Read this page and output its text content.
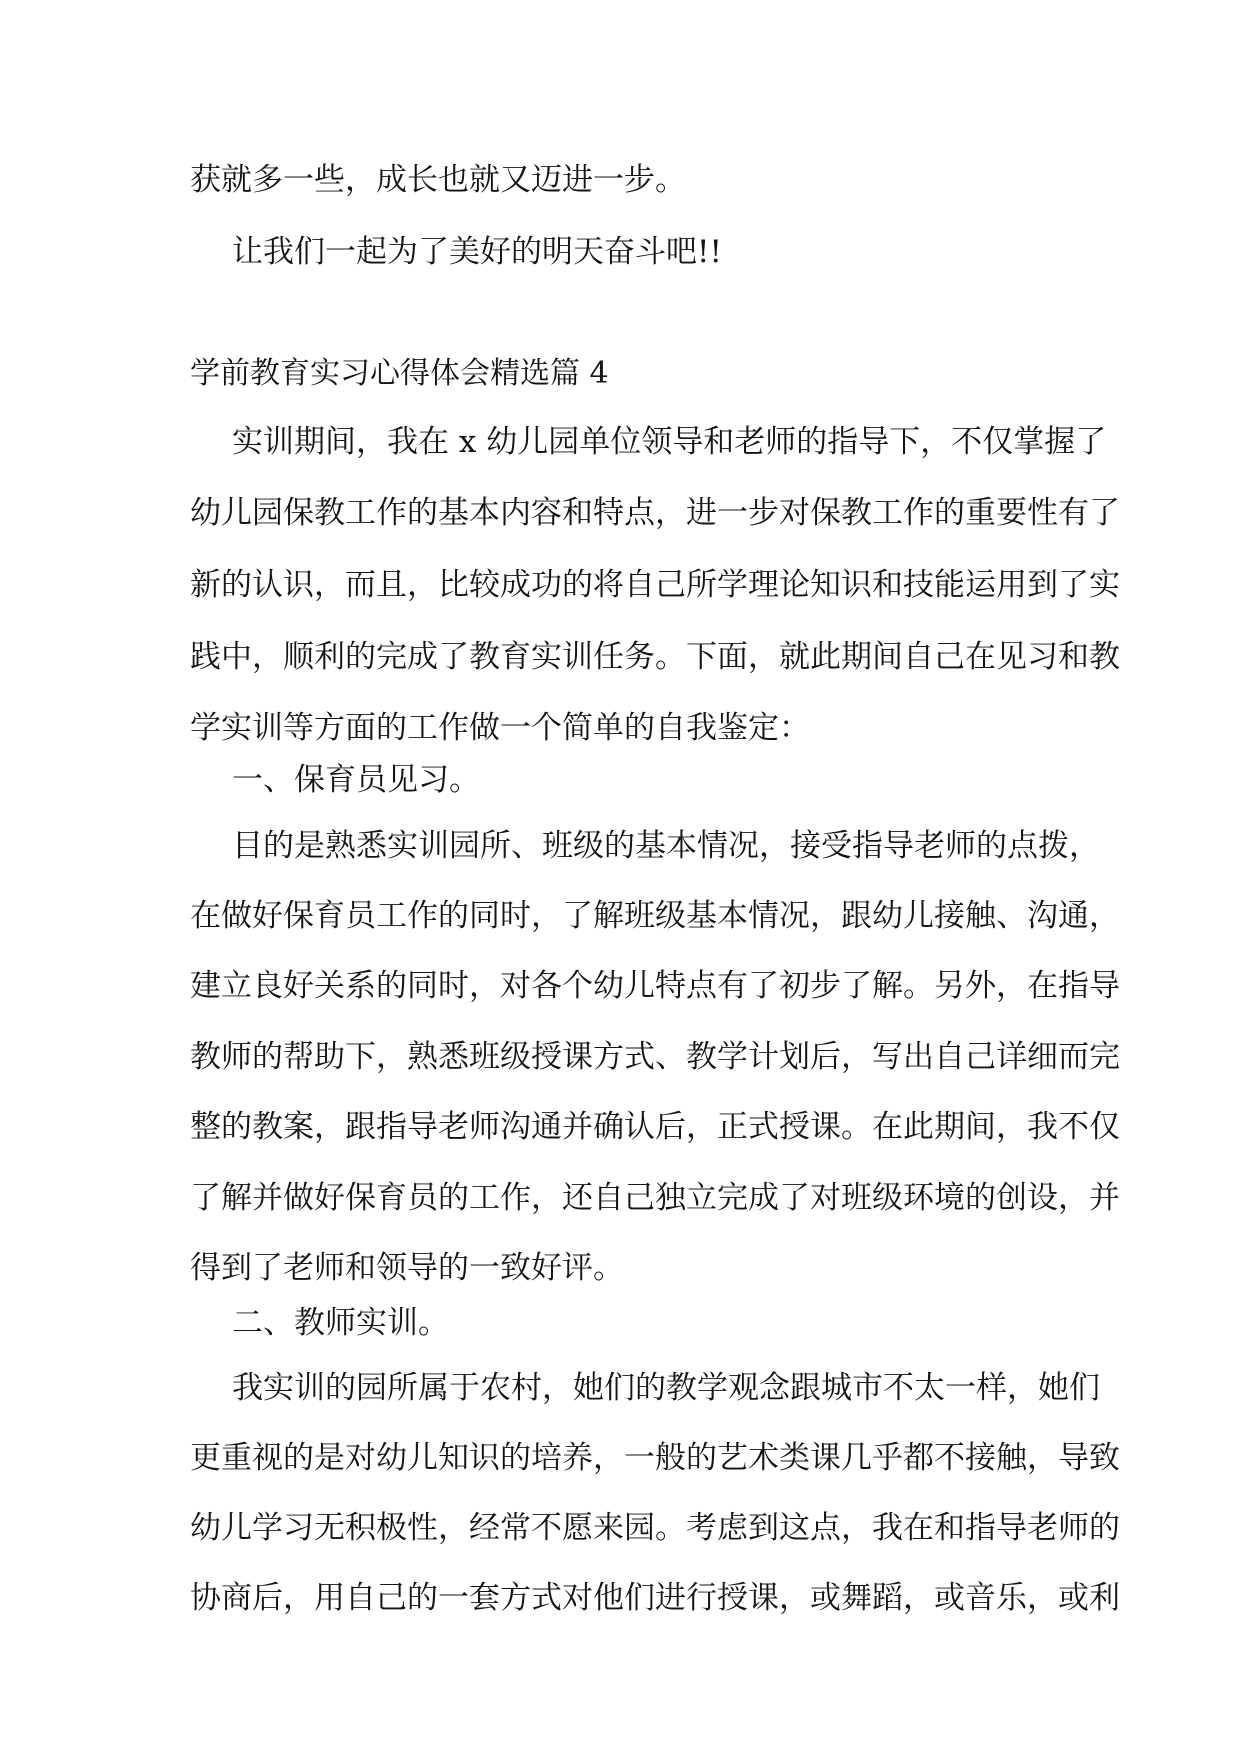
获就多一些，成长也就又迈进一步。

让我们一起为了美好的明天奋斗吧!!

学前教育实习心得体会精选篇 4

实训期间，我在 x 幼儿园单位领导和老师的指导下，不仅掌握了

幼儿园保教工作的基本内容和特点，进一步对保教工作的重要性有了

新的认识，而且，比较成功的将自己所学理论知识和技能运用到了实

践中，顺利的完成了教育实训任务。下面，就此期间自己在见习和教

学实训等方面的工作做一个简单的自我鉴定：

一、保育员见习。

目的是熟悉实训园所、班级的基本情况，接受指导老师的点拨，

在做好保育员工作的同时，了解班级基本情况，跟幼儿接触、沟通，

建立良好关系的同时，对各个幼儿特点有了初步了解。另外，在指导

教师的帮助下，熟悉班级授课方式、教学计划后，写出自己详细而完

整的教案，跟指导老师沟通并确认后，正式授课。在此期间，我不仅

了解并做好保育员的工作，还自己独立完成了对班级环境的创设，并

得到了老师和领导的一致好评。

二、教师实训。

我实训的园所属于农村，她们的教学观念跟城市不太一样，她们

更重视的是对幼儿知识的培养，一般的艺术类课几乎都不接触，导致

幼儿学习无积极性，经常不愿来园。考虑到这点，我在和指导老师的

协商后，用自己的一套方式对他们进行授课，或舞蹈，或音乐，或利
